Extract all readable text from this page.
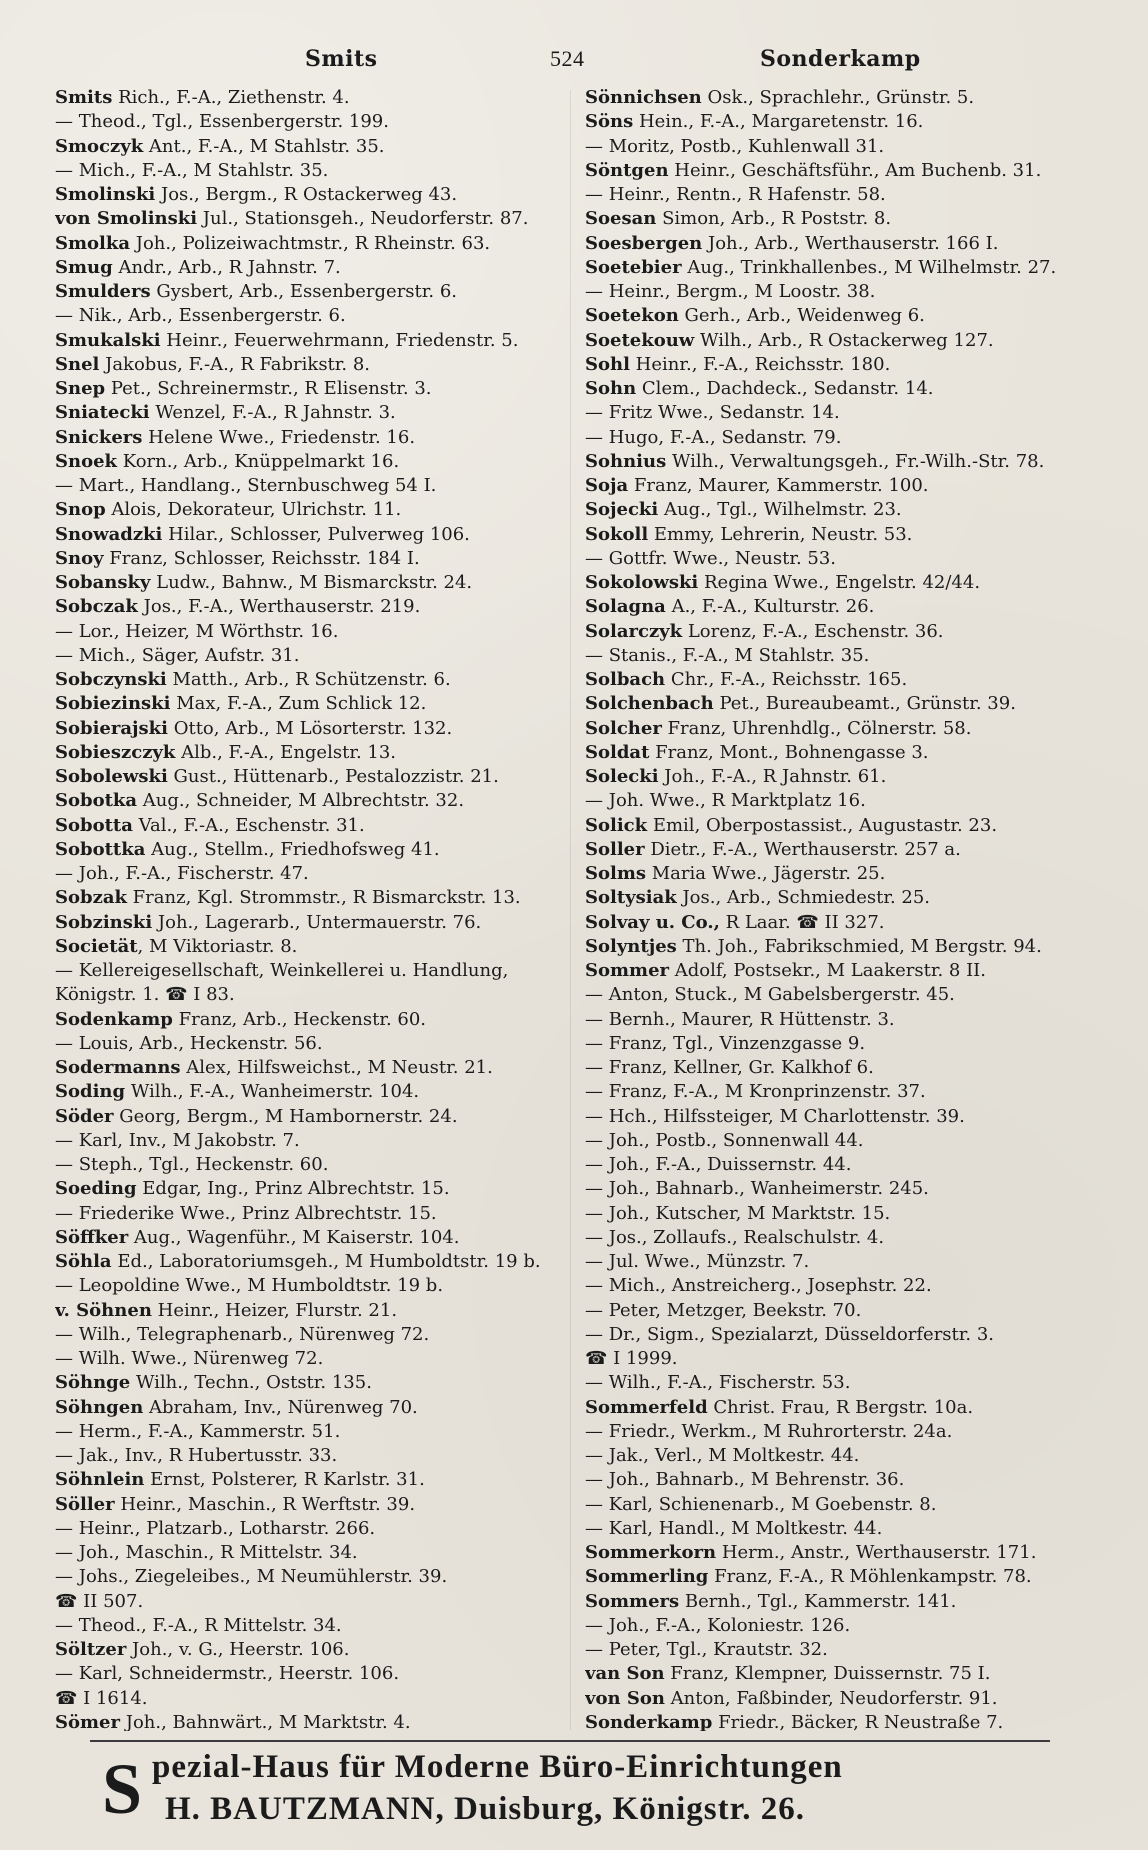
Smits	524	Sonderkamp
Smits Rich., F.-A., Ziethenstr. 4.
— Theod., Tgl., Essenbergerstr. 199.
Smoczyk Ant., F.-A., M Stahlstr. 35.
— Mich., F.-A., M Stahlstr. 35.
Smolinski Jos., Bergm., R Ostackerweg 43.
von Smolinski Jul., Stationsgeh., Neudorferstr. 87.
Smolka Joh., Polizeiwachtmstr., R Rheinstr. 63.
Smug Andr., Arb., R Jahnstr. 7.
Smulders Gysbert, Arb., Essenbergerstr. 6.
— Nik., Arb., Essenbergerstr. 6.
Smukalski Heinr., Feuerwehrmann, Friedenstr. 5.
Snel Jakobus, F.-A., R Fabrikstr. 8.
Snep Pet., Schreinermstr., R Elisenstr. 3.
Sniatecki Wenzel, F.-A., R Jahnstr. 3.
Snickers Helene Wwe., Friedenstr. 16.
Snoek Korn., Arb., Knüppelmarkt 16.
— Mart., Handlang., Sternbuschweg 54 I.
Snop Alois, Dekorateur, Ulrichstr. 11.
Snowadzki Hilar., Schlosser, Pulverweg 106.
Snoy Franz, Schlosser, Reichsstr. 184 I.
Sobansky Ludw., Bahnw., M Bismarckstr. 24.
Sobczak Jos., F.-A., Werthauserstr. 219.
— Lor., Heizer, M Wörthstr. 16.
— Mich., Säger, Aufstr. 31.
Sobczynski Matth., Arb., R Schützenstr. 6.
Sobiezinski Max, F.-A., Zum Schlick 12.
Sobierajski Otto, Arb., M Lösorterstr. 132.
Sobieszczyk Alb., F.-A., Engelstr. 13.
Sobolewski Gust., Hüttenarb., Pestalozzistr. 21.
Sobotka Aug., Schneider, M Albrechtstr. 32.
Sobotta Val., F.-A., Eschenstr. 31.
Sobottka Aug., Stellm., Friedhofsweg 41.
— Joh., F.-A., Fischerstr. 47.
Sobzak Franz, Kgl. Strommstr., R Bismarckstr. 13.
Sobzinski Joh., Lagerarb., Untermauerstr. 76.
Societät, M Viktoriastr. 8.
— Kellereigesellschaft, Weinkellerei u. Handlung,
Königstr. 1. ☎ I 83.
Sodenkamp Franz, Arb., Heckenstr. 60.
— Louis, Arb., Heckenstr. 56.
Sodermanns Alex, Hilfsweichst., M Neustr. 21.
Soding Wilh., F.-A., Wanheimerstr. 104.
Söder Georg, Bergm., M Hambornerstr. 24.
— Karl, Inv., M Jakobstr. 7.
— Steph., Tgl., Heckenstr. 60.
Soeding Edgar, Ing., Prinz Albrechtstr. 15.
— Friederike Wwe., Prinz Albrechtstr. 15.
Söffker Aug., Wagenführ., M Kaiserstr. 104.
Söhla Ed., Laboratoriumsgeh., M Humboldtstr. 19 b.
— Leopoldine Wwe., M Humboldtstr. 19 b.
v. Söhnen Heinr., Heizer, Flurstr. 21.
— Wilh., Telegraphenarb., Nürenweg 72.
— Wilh. Wwe., Nürenweg 72.
Söhnge Wilh., Techn., Oststr. 135.
Söhngen Abraham, Inv., Nürenweg 70.
— Herm., F.-A., Kammerstr. 51.
— Jak., Inv., R Hubertusstr. 33.
Söhnlein Ernst, Polsterer, R Karlstr. 31.
Söller Heinr., Maschin., R Werftstr. 39.
— Heinr., Platzarb., Lotharstr. 266.
— Joh., Maschin., R Mittelstr. 34.
— Johs., Ziegeleibes., M Neumühlerstr. 39.
☎ II 507.
— Theod., F.-A., R Mittelstr. 34.
Söltzer Joh., v. G., Heerstr. 106.
— Karl, Schneidermstr., Heerstr. 106.
☎ I 1614.
Sömer Joh., Bahnwärt., M Marktstr. 4.
Sönnichsen Osk., Sprachlehr., Grünstr. 5.
Söns Hein., F.-A., Margaretenstr. 16.
— Moritz, Postb., Kuhlenwall 31.
Söntgen Heinr., Geschäftsführ., Am Buchenb. 31.
— Heinr., Rentn., R Hafenstr. 58.
Soesan Simon, Arb., R Poststr. 8.
Soesbergen Joh., Arb., Werthauserstr. 166 I.
Soetebier Aug., Trinkhallenbes., M Wilhelmstr. 27.
— Heinr., Bergm., M Loostr. 38.
Soetekon Gerh., Arb., Weidenweg 6.
Soetekouw Wilh., Arb., R Ostackerweg 127.
Sohl Heinr., F.-A., Reichsstr. 180.
Sohn Clem., Dachdeck., Sedanstr. 14.
— Fritz Wwe., Sedanstr. 14.
— Hugo, F.-A., Sedanstr. 79.
Sohnius Wilh., Verwaltungsgeh., Fr.-Wilh.-Str. 78.
Soja Franz, Maurer, Kammerstr. 100.
Sojecki Aug., Tgl., Wilhelmstr. 23.
Sokoll Emmy, Lehrerin, Neustr. 53.
— Gottfr. Wwe., Neustr. 53.
Sokolowski Regina Wwe., Engelstr. 42/44.
Solagna A., F.-A., Kulturstr. 26.
Solarczyk Lorenz, F.-A., Eschenstr. 36.
— Stanis., F.-A., M Stahlstr. 35.
Solbach Chr., F.-A., Reichsstr. 165.
Solchenbach Pet., Bureaubeamt., Grünstr. 39.
Solcher Franz, Uhrenhdlg., Cölnerstr. 58.
Soldat Franz, Mont., Bohnengasse 3.
Solecki Joh., F.-A., R Jahnstr. 61.
— Joh. Wwe., R Marktplatz 16.
Solick Emil, Oberpostassist., Augustastr. 23.
Soller Dietr., F.-A., Werthauserstr. 257 a.
Solms Maria Wwe., Jägerstr. 25.
Soltysiak Jos., Arb., Schmiedestr. 25.
Solvay u. Co., R Laar. ☎ II 327.
Solyntjes Th. Joh., Fabrikschmied, M Bergstr. 94.
Sommer Adolf, Postsekr., M Laakerstr. 8 II.
— Anton, Stuck., M Gabelsbergerstr. 45.
— Bernh., Maurer, R Hüttenstr. 3.
— Franz, Tgl., Vinzenzgasse 9.
— Franz, Kellner, Gr. Kalkhof 6.
— Franz, F.-A., M Kronprinzenstr. 37.
— Hch., Hilfssteiger, M Charlottenstr. 39.
— Joh., Postb., Sonnenwall 44.
— Joh., F.-A., Duissernstr. 44.
— Joh., Bahnarb., Wanheimerstr. 245.
— Joh., Kutscher, M Marktstr. 15.
— Jos., Zollaufs., Realschulstr. 4.
— Jul. Wwe., Münzstr. 7.
— Mich., Anstreicherg., Josephstr. 22.
— Peter, Metzger, Beekstr. 70.
— Dr., Sigm., Spezialarzt, Düsseldorferstr. 3.
☎ I 1999.
— Wilh., F.-A., Fischerstr. 53.
Sommerfeld Christ. Frau, R Bergstr. 10a.
— Friedr., Werkm., M Ruhrorterstr. 24a.
— Jak., Verl., M Moltkestr. 44.
— Joh., Bahnarb., M Behrenstr. 36.
— Karl, Schienenarb., M Goebenstr. 8.
— Karl, Handl., M Moltkestr. 44.
Sommerkorn Herm., Anstr., Werthauserstr. 171.
Sommerling Franz, F.-A., R Möhlenkampstr. 78.
Sommers Bernh., Tgl., Kammerstr. 141.
— Joh., F.-A., Koloniestr. 126.
— Peter, Tgl., Krautstr. 32.
van Son Franz, Klempner, Duissernstr. 75 I.
von Son Anton, Faßbinder, Neudorferstr. 91.
Sonderkamp Friedr., Bäcker, R Neustraße 7.
S pezial-Haus für Moderne Büro-Einrichtungen
H. BAUTZMANN, Duisburg, Königstr. 26.
